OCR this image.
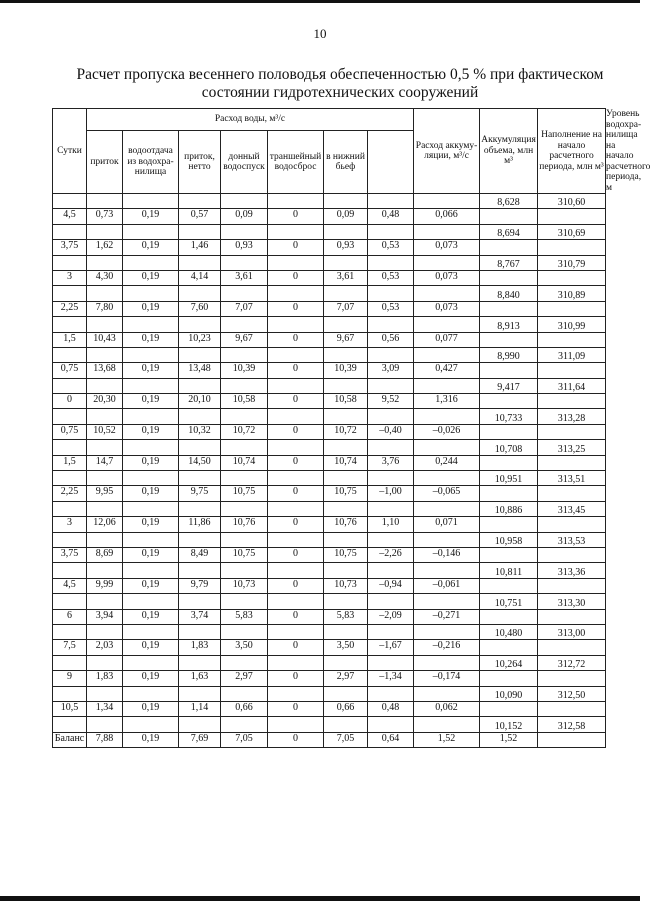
10
Расчет пропуска весеннего половодья обеспеченностью 0,5 % при фактическом
состоянии гидротехнических сооружений
Сутки	Расход воды, м³/с							Расход аккуму-ляции, м³/с	Аккумуляция объема, млн м³	Наполнение на начало расчетного периода, млн м³	Уровень водохра-нилища на начало расчетного периода, м
	приток	водоотдача из водохра-нилища	приток, нетто	донный водоспуск	траншейный водосброс	в нижний бьеф					
									8,628	310,60	
4,5	0,73	0,19	0,57	0,09	0	0,09	0,48	0,066			
									8,694	310,69	
3,75	1,62	0,19	1,46	0,93	0	0,93	0,53	0,073			
									8,767	310,79	
3	4,30	0,19	4,14	3,61	0	3,61	0,53	0,073			
									8,840	310,89	
2,25	7,80	0,19	7,60	7,07	0	7,07	0,53	0,073			
									8,913	310,99	
1,5	10,43	0,19	10,23	9,67	0	9,67	0,56	0,077			
									8,990	311,09	
0,75	13,68	0,19	13,48	10,39	0	10,39	3,09	0,427			
									9,417	311,64	
0	20,30	0,19	20,10	10,58	0	10,58	9,52	1,316			
									10,733	313,28	
0,75	10,52	0,19	10,32	10,72	0	10,72	–0,40	–0,026			
									10,708	313,25	
1,5	14,7	0,19	14,50	10,74	0	10,74	3,76	0,244			
									10,951	313,51	
2,25	9,95	0,19	9,75	10,75	0	10,75	–1,00	–0,065			
									10,886	313,45	
3	12,06	0,19	11,86	10,76	0	10,76	1,10	0,071			
									10,958	313,53	
3,75	8,69	0,19	8,49	10,75	0	10,75	–2,26	–0,146			
									10,811	313,36	
4,5	9,99	0,19	9,79	10,73	0	10,73	–0,94	–0,061			
									10,751	313,30	
6	3,94	0,19	3,74	5,83	0	5,83	–2,09	–0,271			
									10,480	313,00	
7,5	2,03	0,19	1,83	3,50	0	3,50	–1,67	–0,216			
									10,264	312,72	
9	1,83	0,19	1,63	2,97	0	2,97	–1,34	–0,174			
									10,090	312,50	
10,5	1,34	0,19	1,14	0,66	0	0,66	0,48	0,062			
									10,152	312,58	
Баланс	7,88	0,19	7,69	7,05	0	7,05	0,64	1,52	1,52		
